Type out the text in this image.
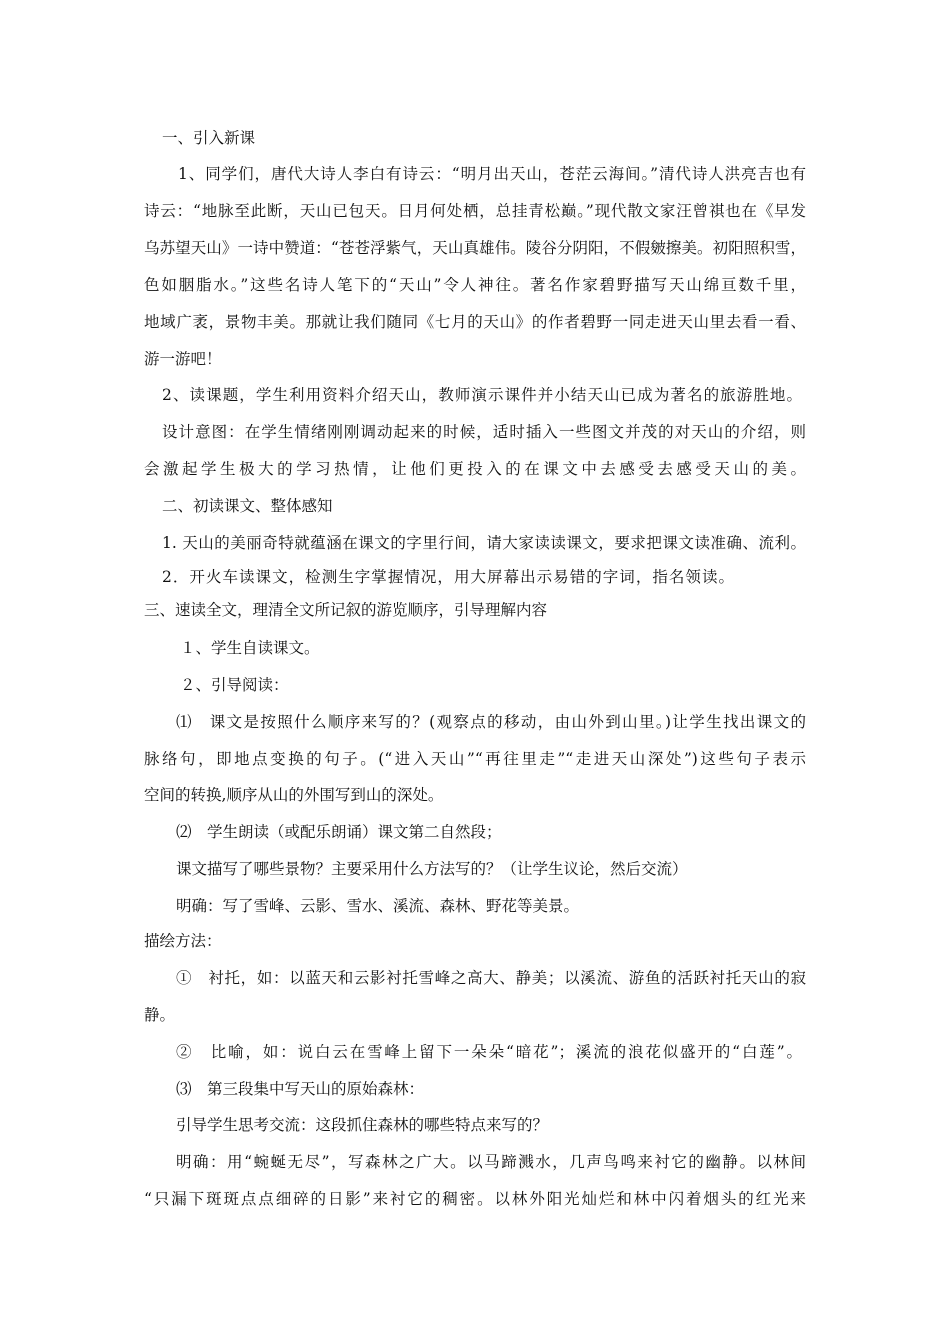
一、引入新课
1、同学们，唐代大诗人李白有诗云：“明月出天山，苍茫云海间。”清代诗人洪亮吉也有
诗云：“地脉至此断，天山已包天。日月何处栖，总挂青松巅。”现代散文家汪曾祺也在《早发
乌苏望天山》一诗中赞道：“苍苍浮紫气，天山真雄伟。陵谷分阴阳，不假皴擦美。初阳照积雪，
色如胭脂水。”这些名诗人笔下的“天山”令人神往。著名作家碧野描写天山绵亘数千里，
地域广袤，景物丰美。那就让我们随同《七月的天山》的作者碧野一同走进天山里去看一看、
游一游吧！
2、读课题，学生利用资料介绍天山，教师演示课件并小结天山已成为著名的旅游胜地。
设计意图：在学生情绪刚刚调动起来的时候，适时插入一些图文并茂的对天山的介绍，则
会激起学生极大的学习热情，让他们更投入的在课文中去感受去感受天山的美。
二、初读课文、整体感知
1. 天山的美丽奇特就蕴涵在课文的字里行间，请大家读读课文，要求把课文读准确、流利。
2．开火车读课文，检测生字掌握情况，用大屏幕出示易错的字词，指名领读。
三、速读全文，理清全文所记叙的游览顺序，引导理解内容
１、学生自读课文。
２、引导阅读：
⑴　课文是按照什么顺序来写的？(观察点的移动，由山外到山里。)让学生找出课文的
脉络句，即地点变换的句子。(“进入天山”“再往里走”“走进天山深处”)这些句子表示
空间的转换,顺序从山的外围写到山的深处。
⑵　学生朗读（或配乐朗诵）课文第二自然段；
课文描写了哪些景物？主要采用什么方法写的？（让学生议论，然后交流）
明确：写了雪峰、云影、雪水、溪流、森林、野花等美景。
描绘方法：
①　衬托，如：以蓝天和云影衬托雪峰之高大、静美；以溪流、游鱼的活跃衬托天山的寂
静。
②　比喻，如：说白云在雪峰上留下一朵朵“暗花”；溪流的浪花似盛开的“白莲”。
⑶　第三段集中写天山的原始森林：
引导学生思考交流：这段抓住森林的哪些特点来写的？
明确：用“蜿蜒无尽”，写森林之广大。以马蹄溅水，几声鸟鸣来衬它的幽静。以林间
“只漏下斑斑点点细碎的日影”来衬它的稠密。以林外阳光灿烂和林中闪着烟头的红光来
